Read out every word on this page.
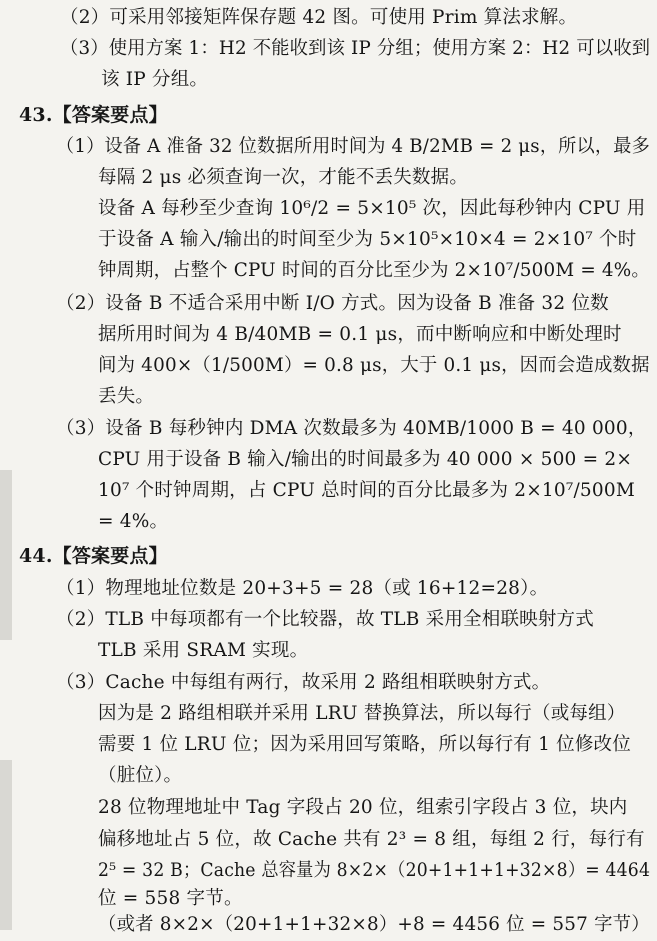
（2）可采用邻接矩阵保存题 42 图。可使用 Prim 算法求解。
（3）使用方案 1：H2 不能收到该 IP 分组；使用方案 2：H2 可以收到
该 IP 分组。
43.【答案要点】
（1）设备 A 准备 32 位数据所用时间为 4 B/2MB = 2 μs，所以，最多
每隔 2 μs 必须查询一次，才能不丢失数据。
设备 A 每秒至少查询 10⁶/2 = 5×10⁵ 次，因此每秒钟内 CPU 用
于设备 A 输入/输出的时间至少为 5×10⁵×10×4 = 2×10⁷ 个时
钟周期，占整个 CPU 时间的百分比至少为 2×10⁷/500M = 4%。
（2）设备 B 不适合采用中断 I/O 方式。因为设备 B 准备 32 位数
据所用时间为 4 B/40MB = 0.1 μs，而中断响应和中断处理时
间为 400×（1/500M）= 0.8 μs，大于 0.1 μs，因而会造成数据
丢失。
（3）设备 B 每秒钟内 DMA 次数最多为 40MB/1000 B = 40 000，
CPU 用于设备 B 输入/输出的时间最多为 40 000 × 500 = 2×
10⁷ 个时钟周期，占 CPU 总时间的百分比最多为 2×10⁷/500M
= 4%。
44.【答案要点】
（1）物理地址位数是 20+3+5 = 28（或 16+12=28）。
（2）TLB 中每项都有一个比较器，故 TLB 采用全相联映射方式
TLB 采用 SRAM 实现。
（3）Cache 中每组有两行，故采用 2 路组相联映射方式。
因为是 2 路组相联并采用 LRU 替换算法，所以每行（或每组）
需要 1 位 LRU 位；因为采用回写策略，所以每行有 1 位修改位
（脏位）。
28 位物理地址中 Tag 字段占 20 位，组索引字段占 3 位，块内
偏移地址占 5 位，故 Cache 共有 2³ = 8 组，每组 2 行，每行有
2⁵ = 32 B；Cache 总容量为 8×2×（20+1+1+1+32×8）= 4464
位 = 558 字节。
（或者 8×2×（20+1+1+32×8）+8 = 4456 位 = 557 字节）
